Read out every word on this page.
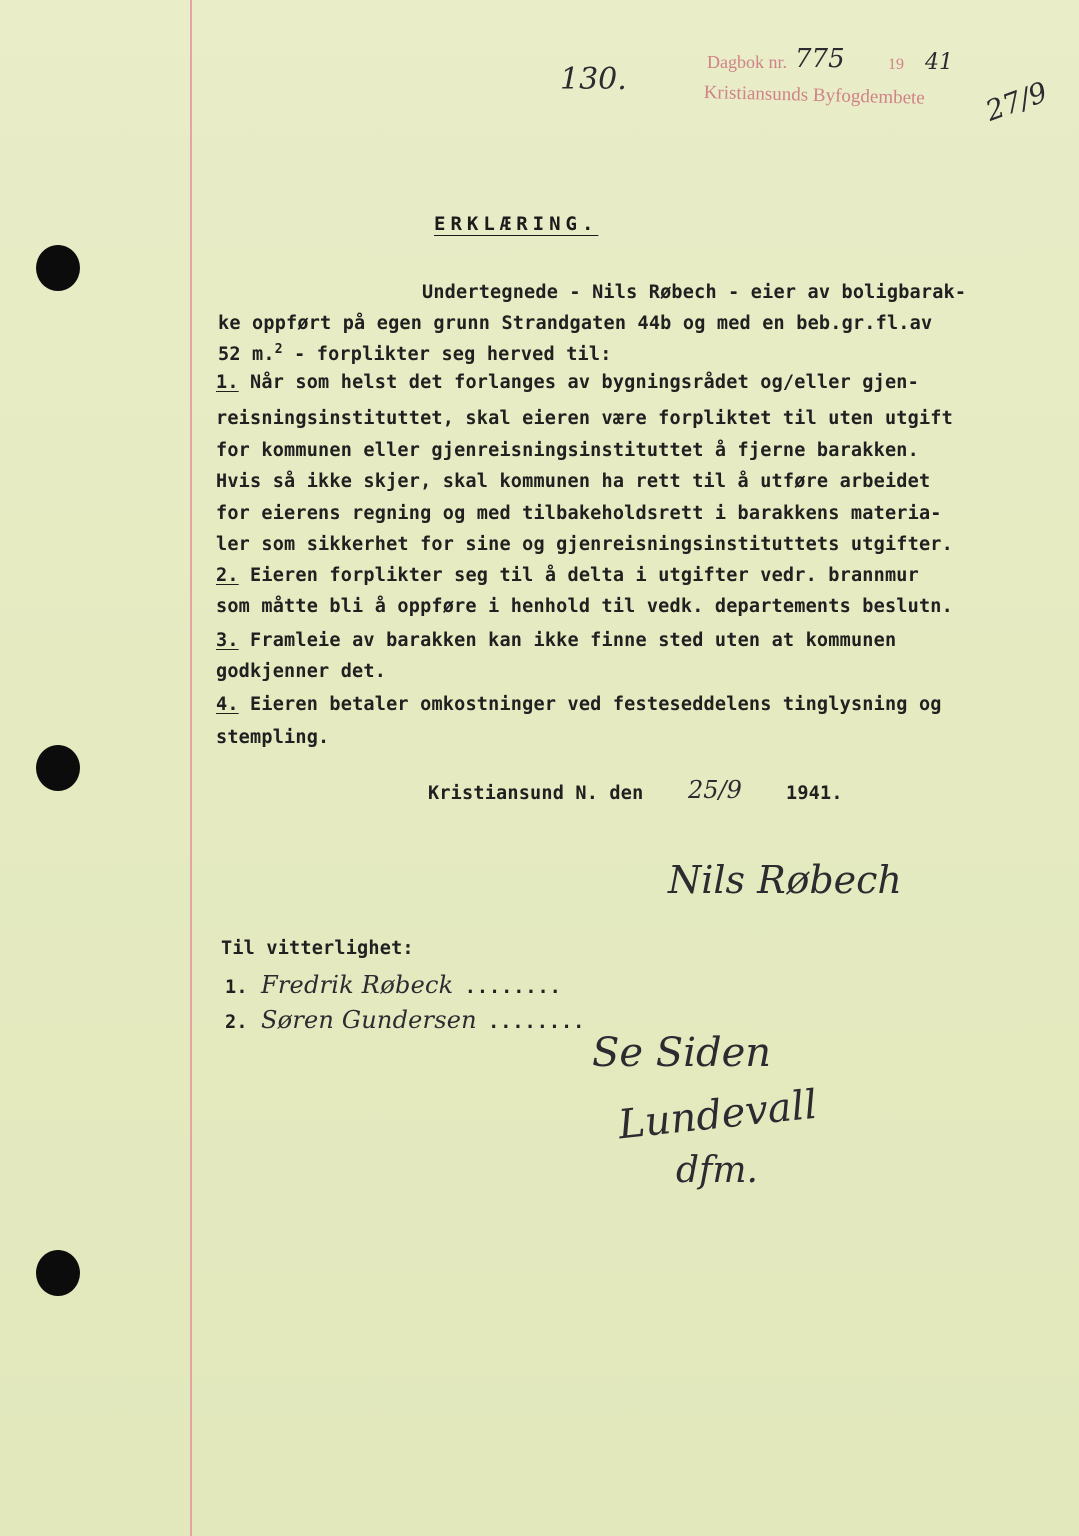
130.	Dagbok nr. 775	19 41
Kristiansunds Byfogdembete 27/9
ERKLÆRING.
Undertegnede - Nils Røbech - eier av boligbarak-
ke oppført på egen grunn Strandgaten 44b og med en beb.gr.fl.av
52 m.$^2$ - forplikter seg herved til:
1. Når som helst det forlanges av bygningsrådet og/eller gjen-
reisningsinstituttet, skal eieren være forpliktet til uten utgift
for kommunen eller gjenreisningsinstituttet å fjerne barakken.
Hvis så ikke skjer, skal kommunen ha rett til å utføre arbeidet
for eierens regning og med tilbakeholdsrett i barakkens materia-
ler som sikkerhet for sine og gjenreisningsinstituttets utgifter.
2. Eieren forplikter seg til å delta i utgifter vedr. brannmur
som måtte bli å oppføre i henhold til vedk. departements beslutn.
3. Framleie av barakken kan ikke finne sted uten at kommunen
godkjenner det.
4. Eieren betaler omkostninger ved festeseddelens tinglysning og
stempling.
Kristiansund N. den 25/9 1941.
Nils Røbech
Til vitterlighet:
1. Fredrik Røbeck ........
2. Søren Gundersen ........
Se Siden
Lundevall
dfm.
